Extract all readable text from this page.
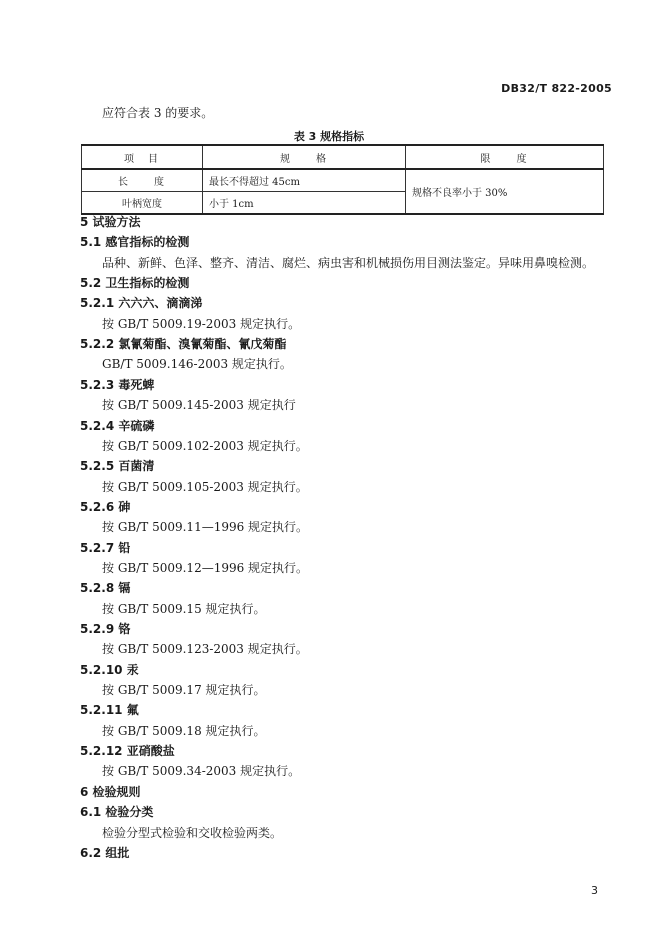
DB32/T 822-2005
应符合表 3 的要求。
表 3 规格指标
项　目	规　　格	限　　度
长　　度	最长不得超过 45cm	规格不良率小于 30%
叶柄宽度	小于 1cm	
5 试验方法
5.1 感官指标的检测
品种、新鲜、色泽、整齐、清洁、腐烂、病虫害和机械损伤用目测法鉴定。异味用鼻嗅检测。
5.2 卫生指标的检测
5.2.1 六六六、滴滴涕
按 GB/T 5009.19-2003 规定执行。
5.2.2 氯氰菊酯、溴氰菊酯、氰戊菊酯
GB/T 5009.146-2003 规定执行。
5.2.3 毒死蜱
按 GB/T 5009.145-2003 规定执行
5.2.4 辛硫磷
按 GB/T 5009.102-2003 规定执行。
5.2.5 百菌清
按 GB/T 5009.105-2003 规定执行。
5.2.6 砷
按 GB/T 5009.11—1996 规定执行。
5.2.7 铅
按 GB/T 5009.12—1996 规定执行。
5.2.8 镉
按 GB/T 5009.15 规定执行。
5.2.9 铬
按 GB/T 5009.123-2003 规定执行。
5.2.10 汞
按 GB/T 5009.17 规定执行。
5.2.11 氟
按 GB/T 5009.18 规定执行。
5.2.12 亚硝酸盐
按 GB/T 5009.34-2003 规定执行。
6 检验规则
6.1 检验分类
检验分型式检验和交收检验两类。
6.2 组批
3
